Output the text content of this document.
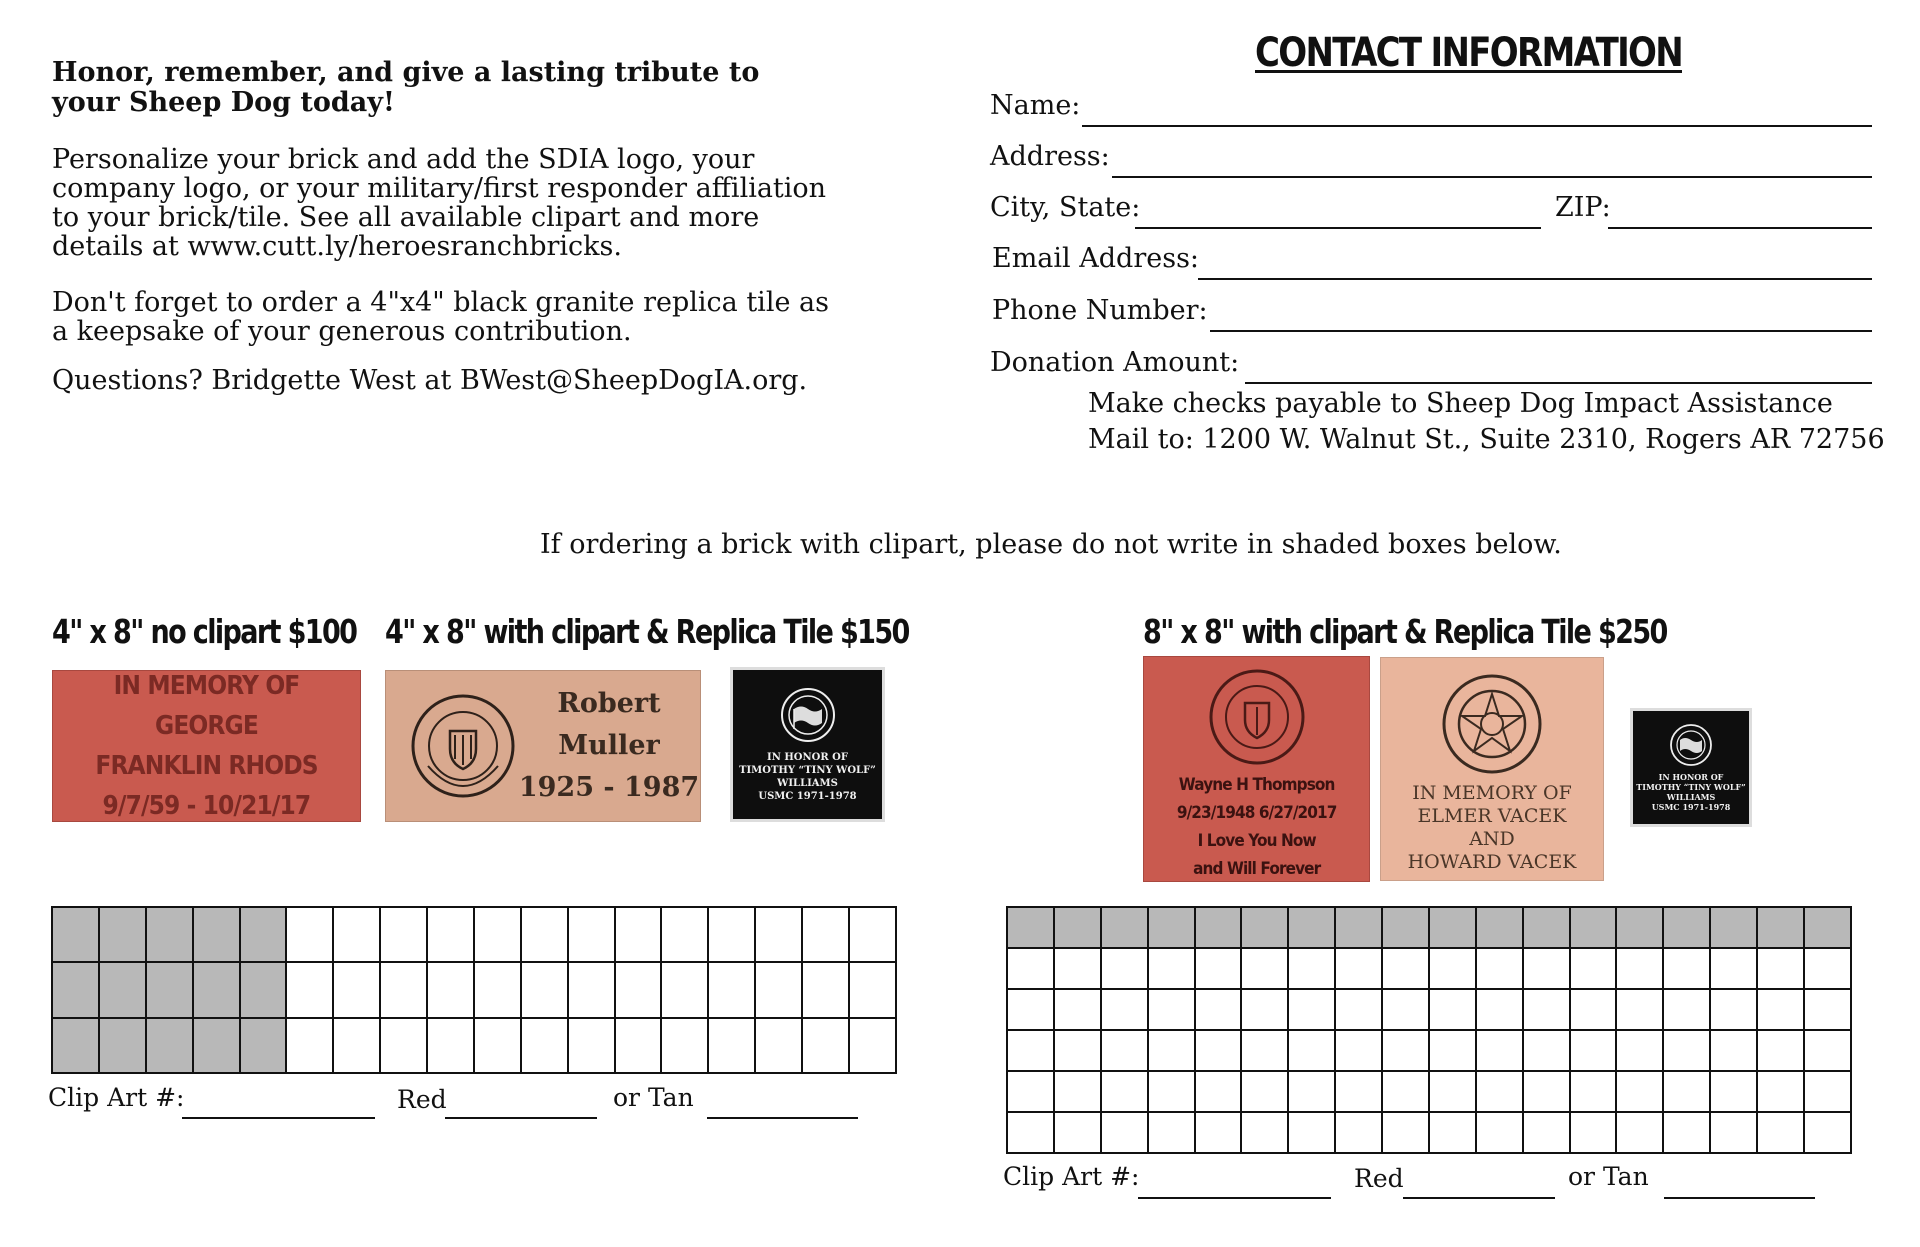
Honor, remember, and give a lasting tribute to your Sheep Dog today!
Personalize your brick and add the SDIA logo, your company logo, or your military/first responder affiliation to your brick/tile. See all available clipart and more details at www.cutt.ly/heroesranchbricks.
Don't forget to order a 4"x4" black granite replica tile as a keepsake of your generous contribution.
Questions? Bridgette West at BWest@SheepDogIA.org.
CONTACT INFORMATION
Name:
Address:
City, State:	ZIP:
Email Address:
Phone Number:
Donation Amount:
Make checks payable to Sheep Dog Impact Assistance
Mail to: 1200 W. Walnut St., Suite 2310, Rogers AR 72756
If ordering a brick with clipart, please do not write in shaded boxes below.
4" x 8" no clipart $100 4" x 8" with clipart & Replica Tile $150	8" x 8" with clipart & Replica Tile $250
IN MEMORY OF GEORGE
FRANKLIN RHODS
9/7/59 - 10/21/17
Robert
Muller
1925 - 1987
IN HONOR OF
TIMOTHY “TINY WOLF”
WILLIAMS
USMC 1971-1978
Wayne H Thompson
9/23/1948 6/27/2017
I Love You Now
and Will Forever
IN MEMORY OF
ELMER VACEK
AND
HOWARD VACEK
IN HONOR OF
TIMOTHY “TINY WOLF”
WILLIAMS
USMC 1971-1978

Clip Art #:	Red	or Tan

Clip Art #:	Red	or Tan
